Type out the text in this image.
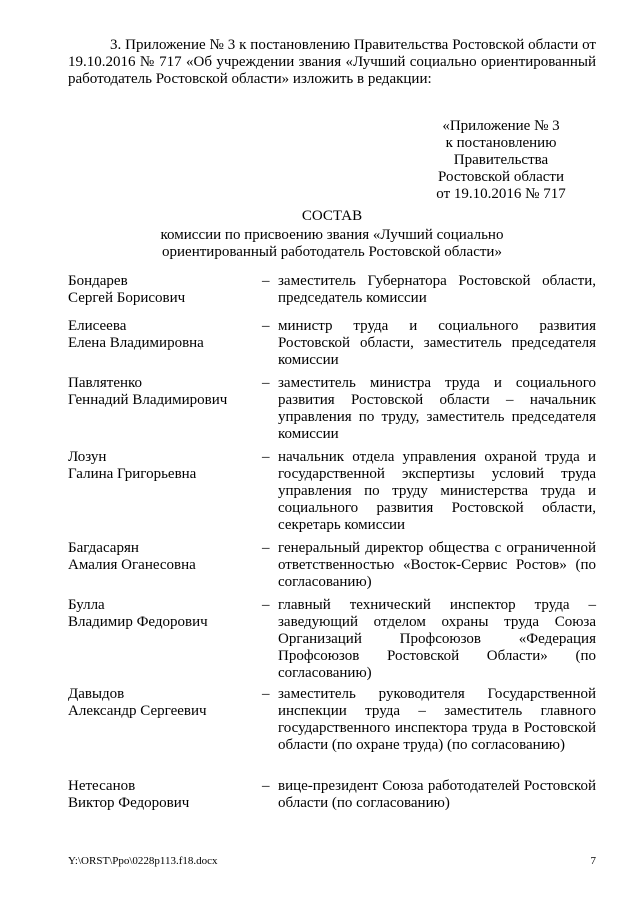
3. Приложение № 3 к постановлению Правительства Ростовской области от 19.10.2016 № 717 «Об учреждении звания «Лучший социально ориентированный работодатель Ростовской области» изложить в редакции:
«Приложение № 3
к постановлению
Правительства
Ростовской области
от 19.10.2016 № 717
СОСТАВ
комиссии по присвоению звания «Лучший социально
ориентированный работодатель Ростовской области»
Бондарев
Сергей Борисович
– заместитель Губернатора Ростовской области, председатель комиссии
Елисеева
Елена Владимировна
– министр труда и социального развития Ростовской области, заместитель председателя комиссии
Павлятенко
Геннадий Владимирович
– заместитель министра труда и социального развития Ростовской области – начальник управления по труду, заместитель председателя комиссии
Лозун
Галина Григорьевна
– начальник отдела управления охраной труда и государственной экспертизы условий труда управления по труду министерства труда и социального развития Ростовской области, секретарь комиссии
Багдасарян
Амалия Оганесовна
– генеральный директор общества с ограниченной ответственностью «Восток-Сервис Ростов» (по согласованию)
Булла
Владимир Федорович
– главный технический инспектор труда – заведующий отделом охраны труда Союза Организаций Профсоюзов «Федерация Профсоюзов Ростовской Области» (по согласованию)
Давыдов
Александр Сергеевич
– заместитель руководителя Государственной инспекции труда – заместитель главного государственного инспектора труда в Ростовской области (по охране труда) (по согласованию)
Нетесанов
Виктор Федорович
– вице-президент Союза работодателей Ростовской области (по согласованию)
Y:\ORST\Ppo\0228p113.f18.docx	7
